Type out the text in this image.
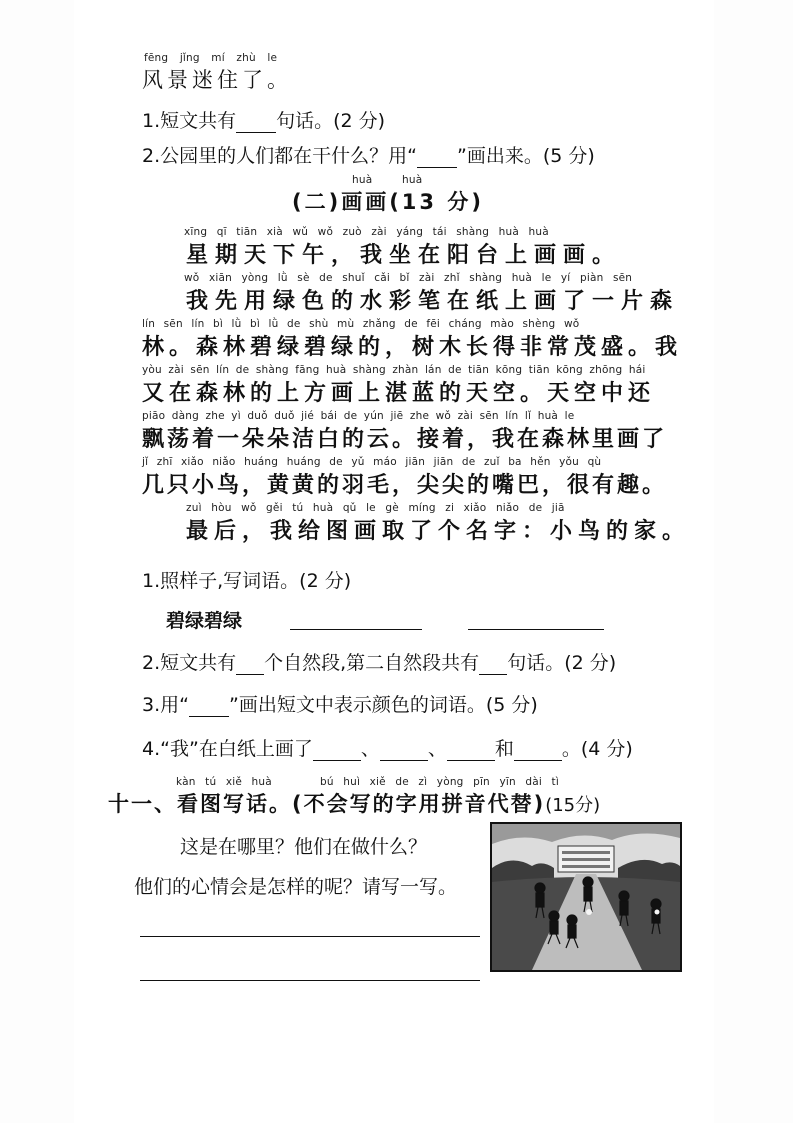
fēng jǐng mí zhù le
风景迷住了。
1.短文共有 句话。(2 分)
2.公园里的人们都在干什么？用“ ”画出来。(5 分)
huà	huà
(二)画画(13 分)
xīng qī tiān xià wǔ wǒ zuò zài yáng tái shàng huà huà
星期天下午，我坐在阳台上画画。
wǒ xiān yòng lǜ sè de shuǐ cǎi bǐ zài zhǐ shàng huà le yí piàn sēn
我先用绿色的水彩笔在纸上画了一片森
lín sēn lín bì lǜ bì lǜ de shù mù zhǎng de fēi cháng mào shèng wǒ
林。森林碧绿碧绿的，树木长得非常茂盛。我
yòu zài sēn lín de shàng fāng huà shàng zhàn lán de tiān kōng tiān kōng zhōng hái
又在森林的上方画上湛蓝的天空。天空中还
piāo dàng zhe yì duǒ duǒ jié bái de yún jiē zhe wǒ zài sēn lín lǐ huà le
飘荡着一朵朵洁白的云。接着，我在森林里画了
jǐ zhī xiǎo niǎo huáng huáng de yǔ máo jiān jiān de zuǐ ba hěn yǒu qù
几只小鸟，黄黄的羽毛，尖尖的嘴巴，很有趣。
zuì hòu wǒ gěi tú huà qǔ le gè míng zi xiǎo niǎo de jiā
最后，我给图画取了个名字：小鸟的家。
1.照样子,写词语。(2 分)
碧绿碧绿
2.短文共有 个自然段,第二自然段共有 句话。(2 分)
3.用“ ”画出短文中表示颜色的词语。(5 分)
4.“我”在白纸上画了	、	、	和	。(4 分)
kàn tú xiě huà	bú huì xiě de zì yòng pīn yīn dài tì
十一、看图写话。(不会写的字用拼音代替)(15分)
这是在哪里？他们在做什么？
他们的心情会是怎样的呢？请写一写。
